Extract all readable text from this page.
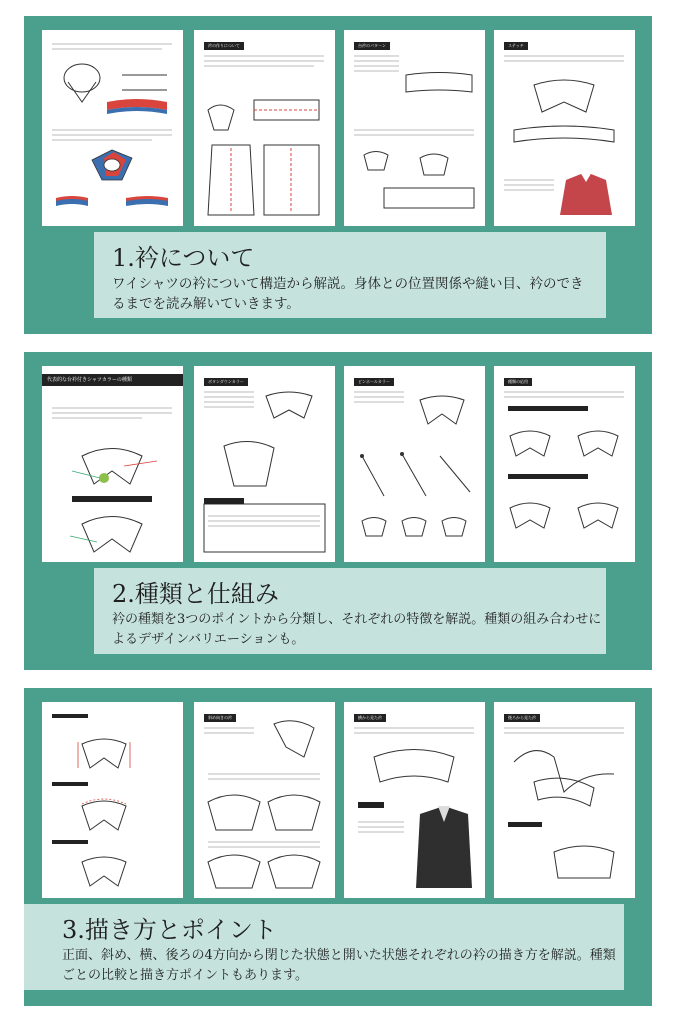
衿の作りについて	台衿のパターン	ステッチ
1.衿について
ワイシャツの衿について構造から解説。身体との位置関係や縫い目、衿のできるまでを読み解いていきます。
代表的な台衿付きシャツカラーの種類	ボタンダウンカラー	ピンホールカラー	種類の応用
2.種類と仕組み
衿の種類を3つのポイントから分類し、それぞれの特徴を解説。種類の組み合わせによるデザインバリエーションも。
斜め向きの衿	横から見た衿	後ろから見た衿
3.描き方とポイント
正面、斜め、横、後ろの4方向から閉じた状態と開いた状態それぞれの衿の描き方を解説。種類ごとの比較と描き方ポイントもあります。
